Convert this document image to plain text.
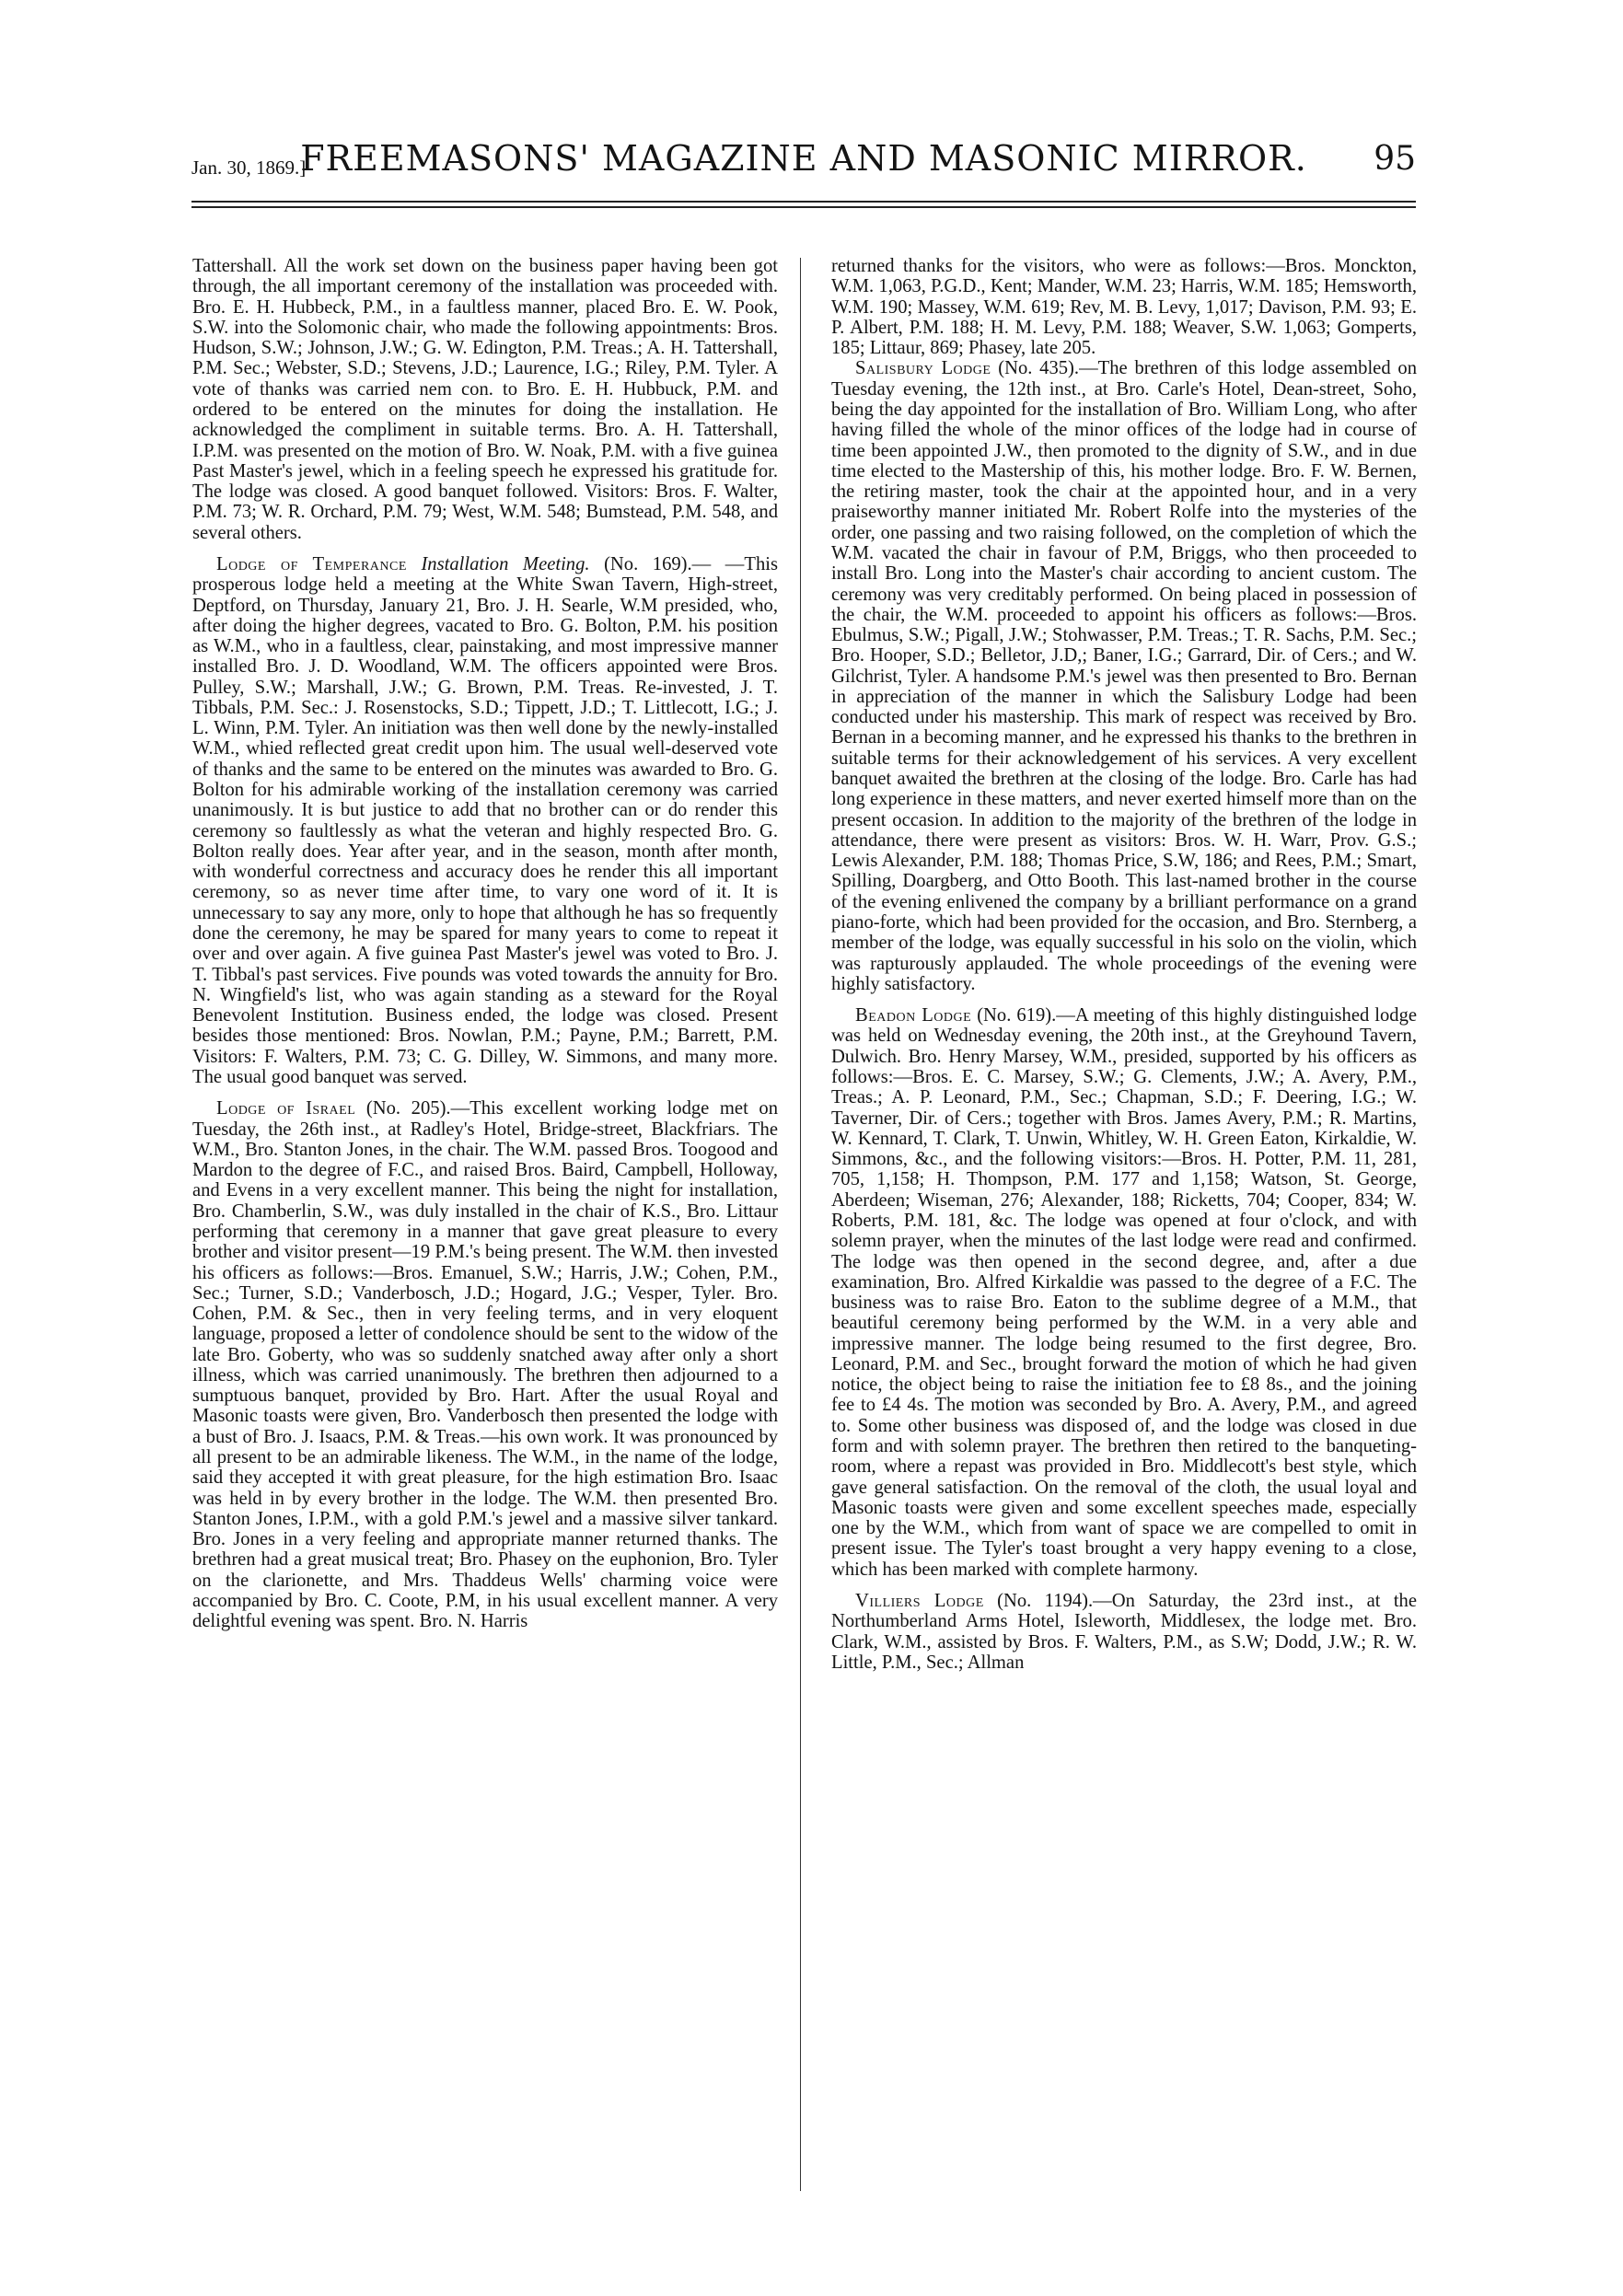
Jan. 30, 1869.]
FREEMASONS' MAGAZINE AND MASONIC MIRROR.	95

Tattershall. All the work set down on the business paper having been got through, the all important ceremony of the installation was proceeded with. Bro. E. H. Hubbeck, P.M., in a faultless manner, placed Bro. E. W. Pook, S.W. into the Solomonic chair, who made the following appointments: Bros. Hudson, S.W.; Johnson, J.W.; G. W. Edington, P.M. Treas.; A. H. Tattershall, P.M. Sec.; Webster, S.D.; Stevens, J.D.; Laurence, I.G.; Riley, P.M. Tyler. A vote of thanks was carried nem con. to Bro. E. H. Hubbuck, P.M. and ordered to be entered on the minutes for doing the installation. He acknowledged the compliment in suitable terms. Bro. A. H. Tattershall, I.P.M. was presented on the motion of Bro. W. Noak, P.M. with a five guinea Past Master's jewel, which in a feeling speech he expressed his gratitude for. The lodge was closed. A good banquet followed. Visitors: Bros. F. Walter, P.M. 73; W. R. Orchard, P.M. 79; West, W.M. 548; Bumstead, P.M. 548, and several others.

Lodge of Temperance Installation Meeting. (No. 169).— —This prosperous lodge held a meeting at the White Swan Tavern, High-street, Deptford, on Thursday, January 21, Bro. J. H. Searle, W.M presided, who, after doing the higher degrees, vacated to Bro. G. Bolton, P.M. his position as W.M., who in a faultless, clear, painstaking, and most impressive manner installed Bro. J. D. Woodland, W.M. The officers appointed were Bros. Pulley, S.W.; Marshall, J.W.; G. Brown, P.M. Treas. Re-invested, J. T. Tibbals, P.M. Sec.: J. Rosenstocks, S.D.; Tippett, J.D.; T. Littlecott, I.G.; J. L. Winn, P.M. Tyler. An initiation was then well done by the newly-installed W.M., whied reflected great credit upon him. The usual well-deserved vote of thanks and the same to be entered on the minutes was awarded to Bro. G. Bolton for his admirable working of the installation ceremony was carried unanimously. It is but justice to add that no brother can or do render this ceremony so faultlessly as what the veteran and highly respected Bro. G. Bolton really does. Year after year, and in the season, month after month, with wonderful correctness and accuracy does he render this all important ceremony, so as never time after time, to vary one word of it. It is unnecessary to say any more, only to hope that although he has so frequently done the ceremony, he may be spared for many years to come to repeat it over and over again. A five guinea Past Master's jewel was voted to Bro. J. T. Tibbal's past services. Five pounds was voted towards the annuity for Bro. N. Wingfield's list, who was again standing as a steward for the Royal Benevolent Institution. Business ended, the lodge was closed. Present besides those mentioned: Bros. Nowlan, P.M.; Payne, P.M.; Barrett, P.M. Visitors: F. Walters, P.M. 73; C. G. Dilley, W. Simmons, and many more. The usual good banquet was served.

Lodge of Israel (No. 205).—This excellent working lodge met on Tuesday, the 26th inst., at Radley's Hotel, Bridge-street, Blackfriars. The W.M., Bro. Stanton Jones, in the chair. The W.M. passed Bros. Toogood and Mardon to the degree of F.C., and raised Bros. Baird, Campbell, Holloway, and Evens in a very excellent manner. This being the night for installation, Bro. Chamberlin, S.W., was duly installed in the chair of K.S., Bro. Littaur performing that ceremony in a manner that gave great pleasure to every brother and visitor present—19 P.M.'s being present. The W.M. then invested his officers as follows:—Bros. Emanuel, S.W.; Harris, J.W.; Cohen, P.M., Sec.; Turner, S.D.; Vanderbosch, J.D.; Hogard, J.G.; Vesper, Tyler. Bro. Cohen, P.M. & Sec., then in very feeling terms, and in very eloquent language, proposed a letter of condolence should be sent to the widow of the late Bro. Goberty, who was so suddenly snatched away after only a short illness, which was carried unanimously. The brethren then adjourned to a sumptuous banquet, provided by Bro. Hart. After the usual Royal and Masonic toasts were given, Bro. Vanderbosch then presented the lodge with a bust of Bro. J. Isaacs, P.M. & Treas.—his own work. It was pronounced by all present to be an admirable likeness. The W.M., in the name of the lodge, said they accepted it with great pleasure, for the high estimation Bro. Isaac was held in by every brother in the lodge. The W.M. then presented Bro. Stanton Jones, I.P.M., with a gold P.M.'s jewel and a massive silver tankard. Bro. Jones in a very feeling and appropriate manner returned thanks. The brethren had a great musical treat; Bro. Phasey on the euphonion, Bro. Tyler on the clarionette, and Mrs. Thaddeus Wells' charming voice were accompanied by Bro. C. Coote, P.M, in his usual excellent manner. A very delightful evening was spent. Bro. N. Harris

returned thanks for the visitors, who were as follows:—Bros. Monckton, W.M. 1,063, P.G.D., Kent; Mander, W.M. 23; Harris, W.M. 185; Hemsworth, W.M. 190; Massey, W.M. 619; Rev, M. B. Levy, 1,017; Davison, P.M. 93; E. P. Albert, P.M. 188; H. M. Levy, P.M. 188; Weaver, S.W. 1,063; Gomperts, 185; Littaur, 869; Phasey, late 205.

Salisbury Lodge (No. 435).—The brethren of this lodge assembled on Tuesday evening, the 12th inst., at Bro. Carle's Hotel, Dean-street, Soho, being the day appointed for the installation of Bro. William Long, who after having filled the whole of the minor offices of the lodge had in course of time been appointed J.W., then promoted to the dignity of S.W., and in due time elected to the Mastership of this, his mother lodge. Bro. F. W. Bernen, the retiring master, took the chair at the appointed hour, and in a very praiseworthy manner initiated Mr. Robert Rolfe into the mysteries of the order, one passing and two raising followed, on the completion of which the W.M. vacated the chair in favour of P.M, Briggs, who then proceeded to install Bro. Long into the Master's chair according to ancient custom. The ceremony was very creditably performed. On being placed in possession of the chair, the W.M. proceeded to appoint his officers as follows:—Bros. Ebulmus, S.W.; Pigall, J.W.; Stohwasser, P.M. Treas.; T. R. Sachs, P.M. Sec.; Bro. Hooper, S.D.; Belletor, J.D,; Baner, I.G.; Garrard, Dir. of Cers.; and W. Gilchrist, Tyler. A handsome P.M.'s jewel was then presented to Bro. Bernan in appreciation of the manner in which the Salisbury Lodge had been conducted under his mastership. This mark of respect was received by Bro. Bernan in a becoming manner, and he expressed his thanks to the brethren in suitable terms for their acknowledgement of his services. A very excellent banquet awaited the brethren at the closing of the lodge. Bro. Carle has had long experience in these matters, and never exerted himself more than on the present occasion. In addition to the majority of the brethren of the lodge in attendance, there were present as visitors: Bros. W. H. Warr, Prov. G.S.; Lewis Alexander, P.M. 188; Thomas Price, S.W, 186; and Rees, P.M.; Smart, Spilling, Doargberg, and Otto Booth. This last-named brother in the course of the evening enlivened the company by a brilliant performance on a grand piano-forte, which had been provided for the occasion, and Bro. Sternberg, a member of the lodge, was equally successful in his solo on the violin, which was rapturously applauded. The whole proceedings of the evening were highly satisfactory.

Beadon Lodge (No. 619).—A meeting of this highly distinguished lodge was held on Wednesday evening, the 20th inst., at the Greyhound Tavern, Dulwich. Bro. Henry Marsey, W.M., presided, supported by his officers as follows:—Bros. E. C. Marsey, S.W.; G. Clements, J.W.; A. Avery, P.M., Treas.; A. P. Leonard, P.M., Sec.; Chapman, S.D.; F. Deering, I.G.; W. Taverner, Dir. of Cers.; together with Bros. James Avery, P.M.; R. Martins, W. Kennard, T. Clark, T. Unwin, Whitley, W. H. Green Eaton, Kirkaldie, W. Simmons, &c., and the following visitors:—Bros. H. Potter, P.M. 11, 281, 705, 1,158; H. Thompson, P.M. 177 and 1,158; Watson, St. George, Aberdeen; Wiseman, 276; Alexander, 188; Ricketts, 704; Cooper, 834; W. Roberts, P.M. 181, &c. The lodge was opened at four o'clock, and with solemn prayer, when the minutes of the last lodge were read and confirmed. The lodge was then opened in the second degree, and, after a due examination, Bro. Alfred Kirkaldie was passed to the degree of a F.C. The business was to raise Bro. Eaton to the sublime degree of a M.M., that beautiful ceremony being performed by the W.M. in a very able and impressive manner. The lodge being resumed to the first degree, Bro. Leonard, P.M. and Sec., brought forward the motion of which he had given notice, the object being to raise the initiation fee to £8 8s., and the joining fee to £4 4s. The motion was seconded by Bro. A. Avery, P.M., and agreed to. Some other business was disposed of, and the lodge was closed in due form and with solemn prayer. The brethren then retired to the banqueting-room, where a repast was provided in Bro. Middlecott's best style, which gave general satisfaction. On the removal of the cloth, the usual loyal and Masonic toasts were given and some excellent speeches made, especially one by the W.M., which from want of space we are compelled to omit in present issue. The Tyler's toast brought a very happy evening to a close, which has been marked with complete harmony.

Villiers Lodge (No. 1194).—On Saturday, the 23rd inst., at the Northumberland Arms Hotel, Isleworth, Middlesex, the lodge met. Bro. Clark, W.M., assisted by Bros. F. Walters, P.M., as S.W; Dodd, J.W.; R. W. Little, P.M., Sec.; Allman
